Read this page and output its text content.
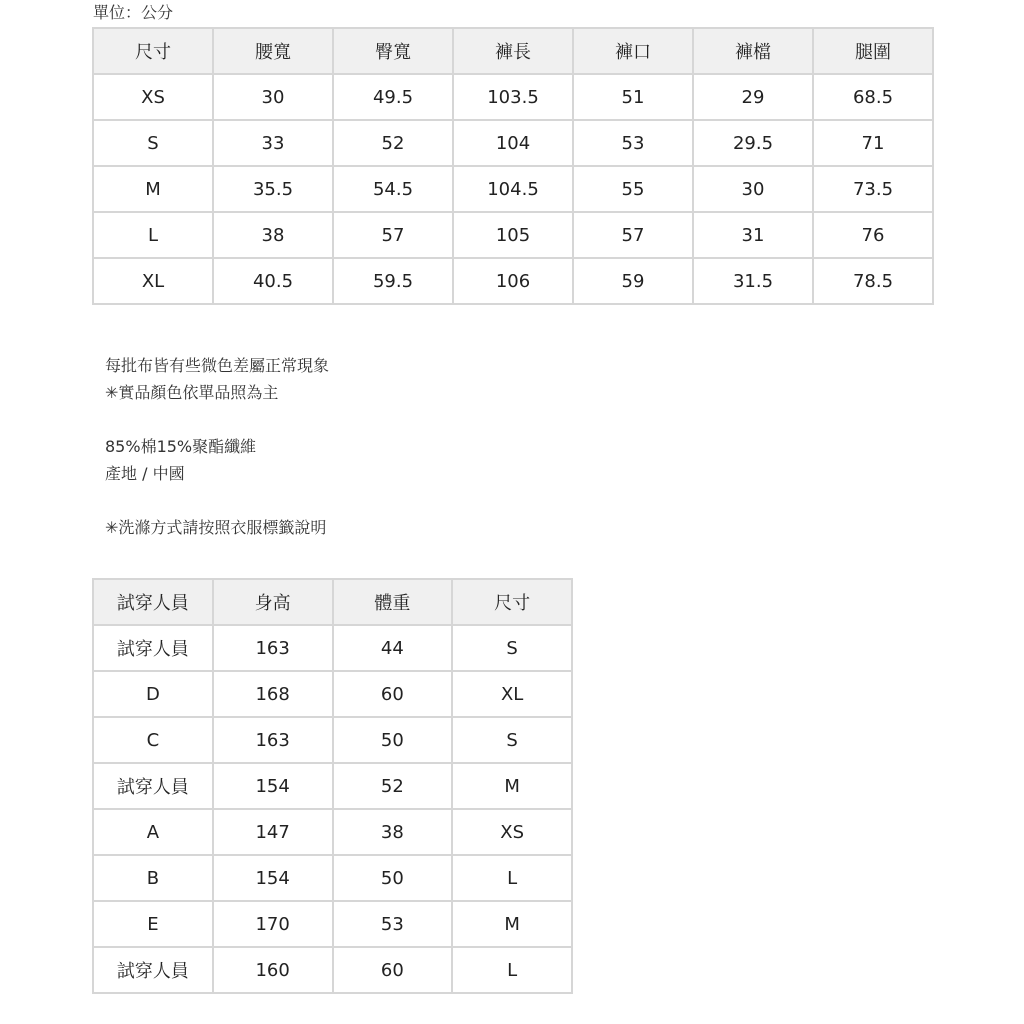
單位：公分
尺寸	腰寬	臀寬	褲長	褲口	褲檔	腿圍
XS	30	49.5	103.5	51	29	68.5
S	33	52	104	53	29.5	71
M	35.5	54.5	104.5	55	30	73.5
L	38	57	105	57	31	76
XL	40.5	59.5	106	59	31.5	78.5
每批布皆有些微色差屬正常現象
✳實品顏色依單品照為主
85%棉15%聚酯纖維
產地 / 中國
✳洗滌方式請按照衣服標籤說明
試穿人員	身高	體重	尺寸
試穿人員	163	44	S
D	168	60	XL
C	163	50	S
試穿人員	154	52	M
A	147	38	XS
B	154	50	L
E	170	53	M
試穿人員	160	60	L
